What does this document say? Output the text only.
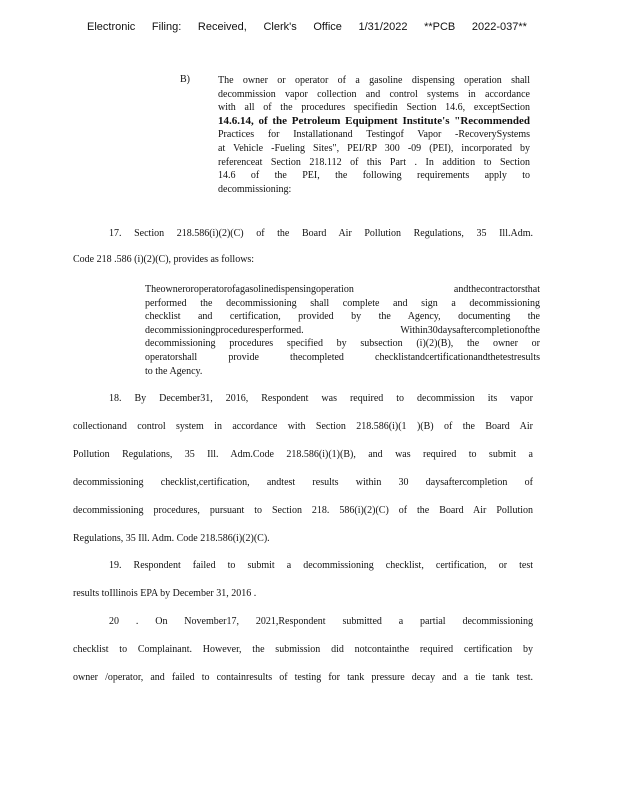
Electronic Filing: Received, Clerk's Office 1/31/2022 **PCB 2022-037**
B)	The owner or operator of a gasoline dispensing operation shall
decommission vapor collection and control systems in accordance
with all of the procedures specifiedin Section 14.6, exceptSection
14.6.14, of the Petroleum Equipment Institute's "Recommended
Practices for Installationand Testingof Vapor -RecoverySystems
at Vehicle -Fueling Sites", PEI/RP 300 -09 (PEI), incorporated by
referenceat Section 218.112 of this Part . In addition to Section
14.6 of the PEI, the following requirements apply to
decommissioning:
17. Section 218.586(i)(2)(C) of the Board Air Pollution Regulations, 35 Ill.Adm.
Code 218 .586 (i)(2)(C), provides as follows:
Theowneroroperatorofagasolinedispensingoperation andthecontractorsthat
performed the decommissioning shall complete and sign a decommissioning
checklist and certification, provided by the Agency, documenting the
decommissioningproceduresperformed. Within30daysaftercompletionofthe
decommissioning procedures specified by subsection (i)(2)(B), the owner or
operatorshall provide thecompleted checklistandcertificationandthetestresults
to the Agency.
18. By December31, 2016, Respondent was required to decommission its vapor
collectionand control system in accordance with Section 218.586(i)(1 )(B) of the Board Air
Pollution Regulations, 35 Ill. Adm.Code 218.586(i)(1)(B), and was required to submit a
decommissioning checklist,certification, andtest results within 30 daysaftercompletion of
decommissioning procedures, pursuant to Section 218. 586(i)(2)(C) of the Board Air Pollution
Regulations, 35 Ill. Adm. Code 218.586(i)(2)(C).
19. Respondent failed to submit a decommissioning checklist, certification, or test
results toIllinois EPA by December 31, 2016 .
20 . On November17, 2021,Respondent submitted a partial decommissioning
checklist to Complainant. However, the submission did notcontainthe required certification by
owner /operator, and failed to containresults of testing for tank pressure decay and a tie tank test.
